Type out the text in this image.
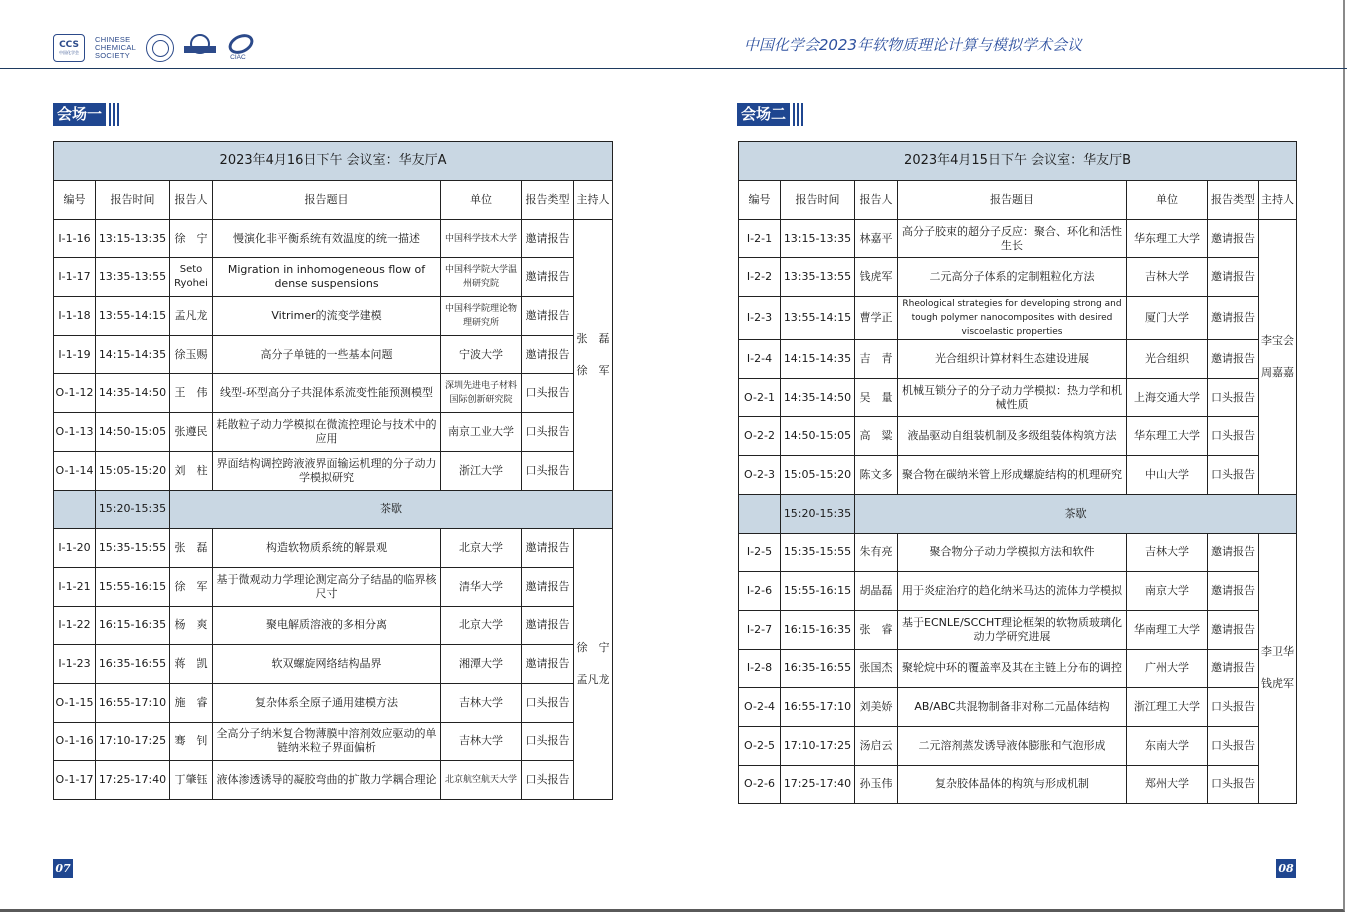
CCS
中国化学会
CHINESE
CHEMICAL
SOCIETY	CIAC
中国化学会2023年软物质理论计算与模拟学术会议
会场一
2023年4月16日下午 会议室：华友厅A						
编号	报告时间	报告人	报告题目	单位	报告类型	主持人
I-1-16	13:15-13:35	徐　宁	慢演化非平衡系统有效温度的统一描述	中国科学技术大学	邀请报告	张　磊
徐　军

I-1-17	13:35-13:55	Seto Ryohei	Migration in inhomogeneous flow of dense suspensions	中国科学院大学温州研究院	邀请报告	
I-1-18	13:55-14:15	孟凡龙	Vitrimer的流变学建模	中国科学院理论物理研究所	邀请报告	
I-1-19	14:15-14:35	徐玉赐	高分子单链的一些基本问题	宁波大学	邀请报告	
O-1-12	14:35-14:50	王　伟	线型-环型高分子共混体系流变性能预测模型	深圳先进电子材料国际创新研究院	口头报告	
O-1-13	14:50-15:05	张遵民	耗散粒子动力学模拟在微流控理论与技术中的应用	南京工业大学	口头报告	
O-1-14	15:05-15:20	刘　柱	界面结构调控跨液液界面输运机理的分子动力学模拟研究	浙江大学	口头报告	
	15:20-15:35	茶歇				
I-1-20	15:35-15:55	张　磊	构造软物质系统的解景观	北京大学	邀请报告	徐　宁
孟凡龙

I-1-21	15:55-16:15	徐　军	基于微观动力学理论测定高分子结晶的临界核尺寸	清华大学	邀请报告	
I-1-22	16:15-16:35	杨　爽	聚电解质溶液的多相分离	北京大学	邀请报告	
I-1-23	16:35-16:55	蒋　凯	软双螺旋网络结构晶界	湘潭大学	邀请报告	
O-1-15	16:55-17:10	施　睿	复杂体系全原子通用建模方法	吉林大学	口头报告	
O-1-16	17:10-17:25	骞　钊	全高分子纳米复合物薄膜中溶剂效应驱动的单链纳米粒子界面偏析	吉林大学	口头报告	
O-1-17	17:25-17:40	丁肇钰	液体渗透诱导的凝胶弯曲的扩散力学耦合理论	北京航空航天大学	口头报告	
07
会场二
2023年4月15日下午 会议室：华友厅B						
编号	报告时间	报告人	报告题目	单位	报告类型	主持人
I-2-1	13:15-13:35	林嘉平	高分子胶束的超分子反应：聚合、环化和活性生长	华东理工大学	邀请报告	李宝会
周嘉嘉

I-2-2	13:35-13:55	钱虎军	二元高分子体系的定制粗粒化方法	吉林大学	邀请报告	
I-2-3	13:55-14:15	曹学正	Rheological strategies for developing strong and tough polymer nanocomposites with desired viscoelastic properties	厦门大学	邀请报告	
I-2-4	14:15-14:35	吉　青	光合组织计算材料生态建设进展	光合组织	邀请报告	
O-2-1	14:35-14:50	吴　量	机械互锁分子的分子动力学模拟：热力学和机械性质	上海交通大学	口头报告	
O-2-2	14:50-15:05	高　粱	液晶驱动自组装机制及多级组装体构筑方法	华东理工大学	口头报告	
O-2-3	15:05-15:20	陈文多	聚合物在碳纳米管上形成螺旋结构的机理研究	中山大学	口头报告	
	15:20-15:35	茶歇				
I-2-5	15:35-15:55	朱有亮	聚合物分子动力学模拟方法和软件	吉林大学	邀请报告	李卫华
钱虎军

I-2-6	15:55-16:15	胡晶磊	用于炎症治疗的趋化纳米马达的流体力学模拟	南京大学	邀请报告	
I-2-7	16:15-16:35	张　睿	基于ECNLE/SCCHT理论框架的软物质玻璃化动力学研究进展	华南理工大学	邀请报告	
I-2-8	16:35-16:55	张国杰	聚轮烷中环的覆盖率及其在主链上分布的调控	广州大学	邀请报告	
O-2-4	16:55-17:10	刘美娇	AB/ABC共混物制备非对称二元晶体结构	浙江理工大学	口头报告	
O-2-5	17:10-17:25	汤启云	二元溶剂蒸发诱导液体膨胀和气泡形成	东南大学	口头报告	
O-2-6	17:25-17:40	孙玉伟	复杂胶体晶体的构筑与形成机制	郑州大学	口头报告	
08
